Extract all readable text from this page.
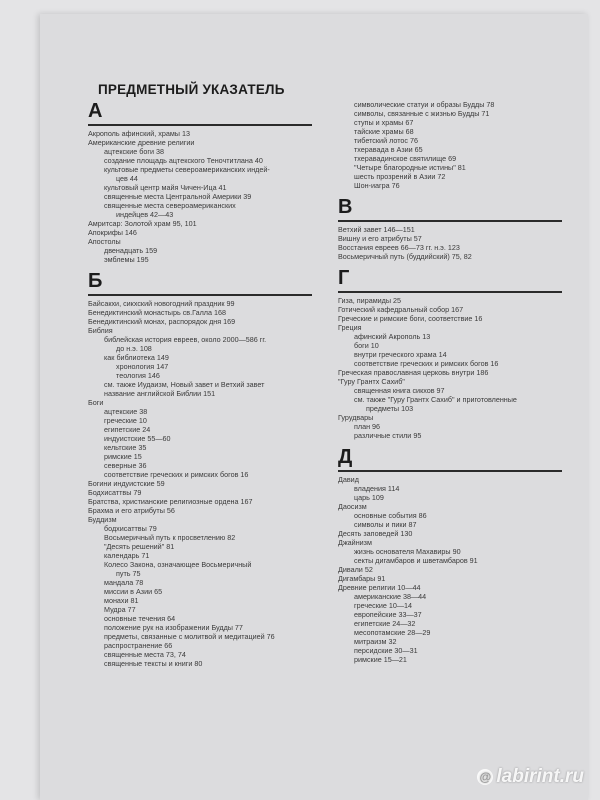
ПРЕДМЕТНЫЙ УКАЗАТЕЛЬ
А
Акрополь афинский, храмы 13
Американские древние религии
ацтекские боги 38
создание площадь ацтекского Теночтитлана 40
культовые предметы североамериканских индей-
цев 44
культовый центр майя Чичен-Ица 41
священные места Центральной Америки 39
священные места североамериканских
индейцев 42—43
Амритсар: Золотой храм 95, 101
Апокрифы 146
Апостолы
двенадцать 159
эмблемы 195
Б
Байсакхи, сикхский новогодний праздник 99
Бенедиктинский монастырь св.Галла 168
Бенедиктинский монах, распорядок дня 169
Библия
библейская история евреев, около 2000—586 гг.
до н.э. 108
как библиотека 149
хронология 147
теология 146
см. также Иудаизм, Новый завет и Ветхий завет
название английской Библии 151
Боги
ацтекские 38
греческие 10
египетские 24
индуистские 55—60
кельтские 35
римские 15
северные 36
соответствие греческих и римских богов 16
Богини индуистские 59
Бодхисаттвы 79
Братства, христианские религиозные ордена 167
Брахма и его атрибуты 56
Буддизм
бодхисаттвы 79
Восьмеричный путь к просветлению 82
"Десять решений" 81
календарь 71
Колесо Закона, означающее Восьмеричный
путь 75
мандала 78
миссии в Азии 65
монахи 81
Мудра 77
основные течения 64
положение рук на изображении Будды 77
предметы, связанные с молитвой и медитацией 76
распространение 66
священные места 73, 74
священные тексты и книги 80
символические статуи и образы Будды 78
символы, связанные с жизнью Будды 71
ступы и храмы 67
тайские храмы 68
тибетский лотос 76
тхеравада в Азии 65
тхеравадинское святилище 69
"Четыре благородные истины" 81
шесть прозрений в Азии 72
Шон-иагра 76
В
Ветхий завет 146—151
Вишну и его атрибуты 57
Восстания евреев 66—73 гг. н.э. 123
Восьмеричный путь (буддийский) 75, 82
Г
Гиза, пирамиды 25
Готический кафедральный собор 167
Греческие и римские боги, соответствие 16
Греция
афинский Акрополь 13
боги 10
внутри греческого храма 14
соответствие греческих и римских богов 16
Греческая православная церковь внутри 186
"Гуру Грантх Сахиб"
священная книга сикхов 97
см. также "Гуру Грантх Сахиб" и приготовленные
предметы 103
Гурудвары
план 96
различные стили 95
Д
Давид
владения 114
царь 109
Даосизм
основные события 86
символы и пики 87
Десять заповедей 130
Джайнизм
жизнь основателя Махавиры 90
секты дигамбаров и шветамбаров 91
Дивали 52
Дигамбары 91
Древние религии 10—44
американские 38—44
греческие 10—14
европейские 33—37
египетские 24—32
месопотамские 28—29
митраизм 32
персидские 30—31
римские 15—21
@ labirint.ru
